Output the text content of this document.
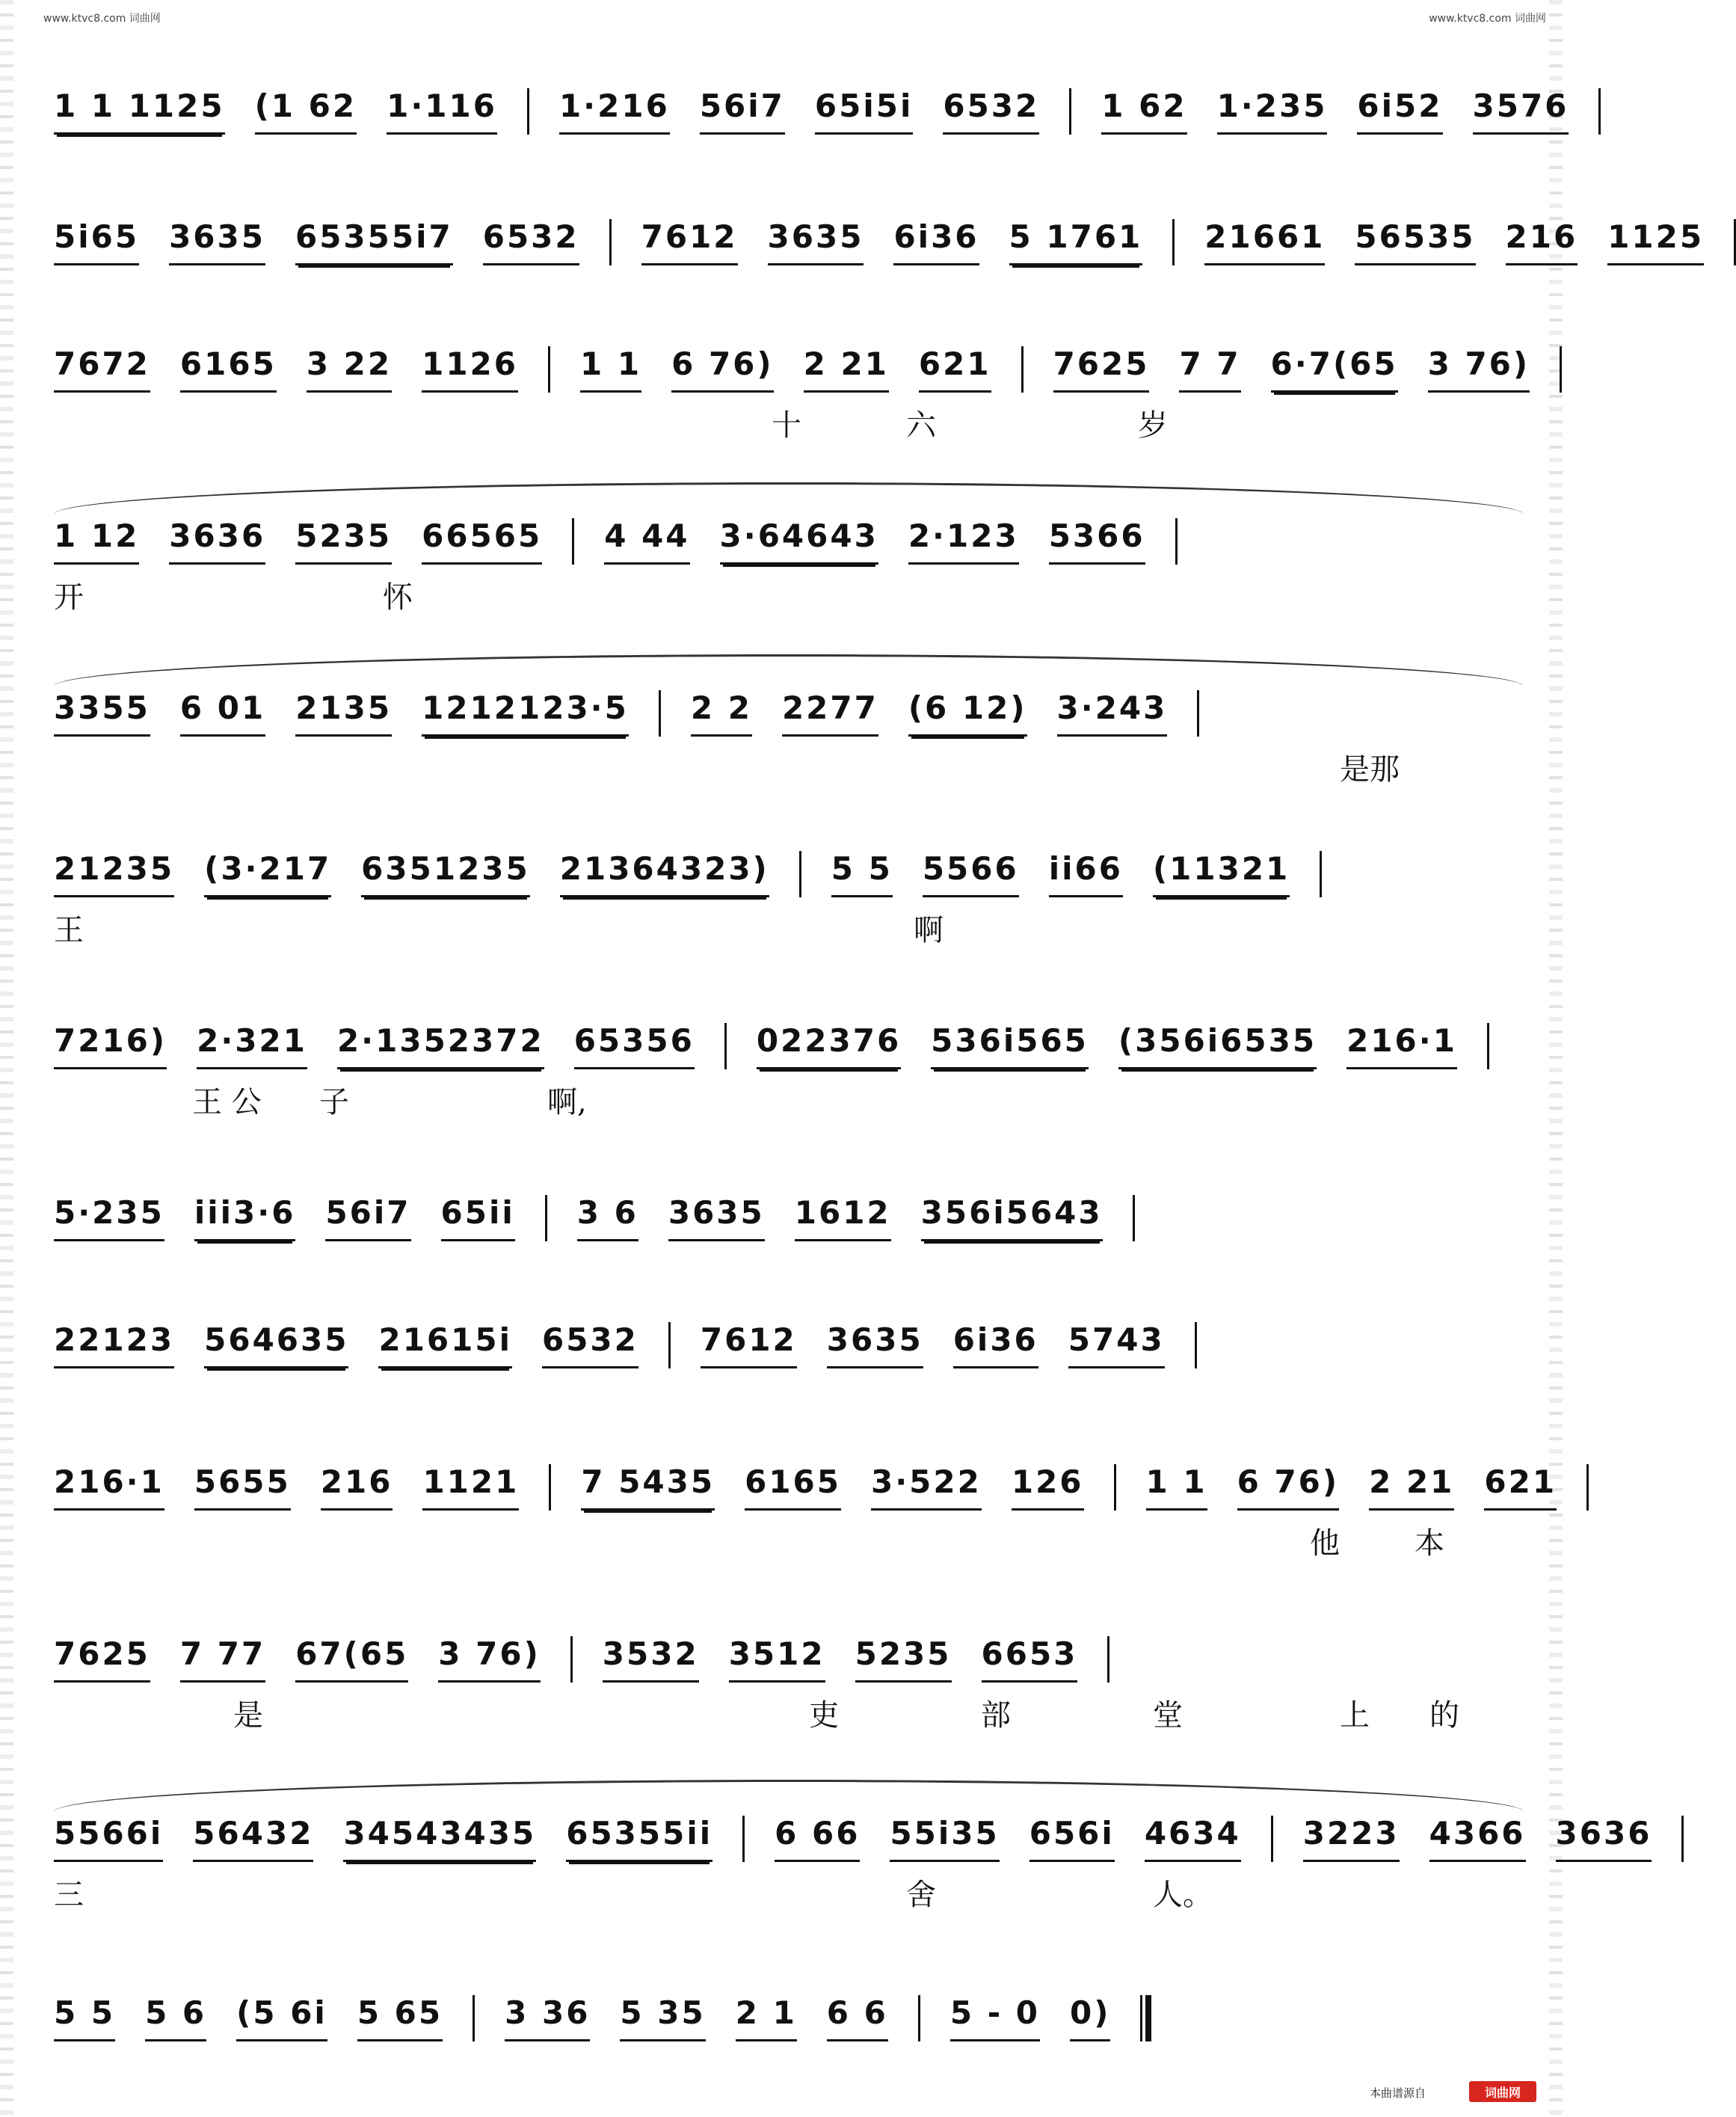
www.ktvc8.com 词曲网	www.ktvc8.com 词曲网
1 1 1125 (1 62 1·116 1·216 56i7 65i5i 6532 1 62 1·235 6i52 3576
5i65 3635 65355i7 6532 7612 3635 6i36 5 1761 21661 56535 216 1125
7672 6165 3 22 1126 1 1 6 76) 2 21 621 7625 7 7 6·7(65 3 76)
十	六	岁
1 12 3636 5235 66565 4 44 3·64643 2·123 5366
开	怀
3355 6 01 2135 1212123·5 2 2 2277 (6 12) 3·243
是那
21235 (3·217 6351235 21364323) 5 5 5566 ii66 (11321
王	啊
7216) 2·321 2·1352372 65356 022376 536i565 (356i6535 216·1
王 公 子	啊,
5·235 iii3·6 56i7 65ii 3 6 3635 1612 356i5643
22123 564635 21615i 6532 7612 3635 6i36 5743
216·1 5655 216 1121 7 5435 6165 3·522 126 1 1 6 76) 2 21 621
他	本
7625 7 77 67(65 3 76) 3532 3512 5235 6653
是	吏	部	堂	上 的
5566i 56432 34543435 65355ii 6 66 55i35 656i 4634 3223 4366 3636
三	舍	人。
5 5 5 6 (5 6i 5 65 3 36 5 35 2 1 6 6 5 - 0 0)
本曲谱源自	词曲网
